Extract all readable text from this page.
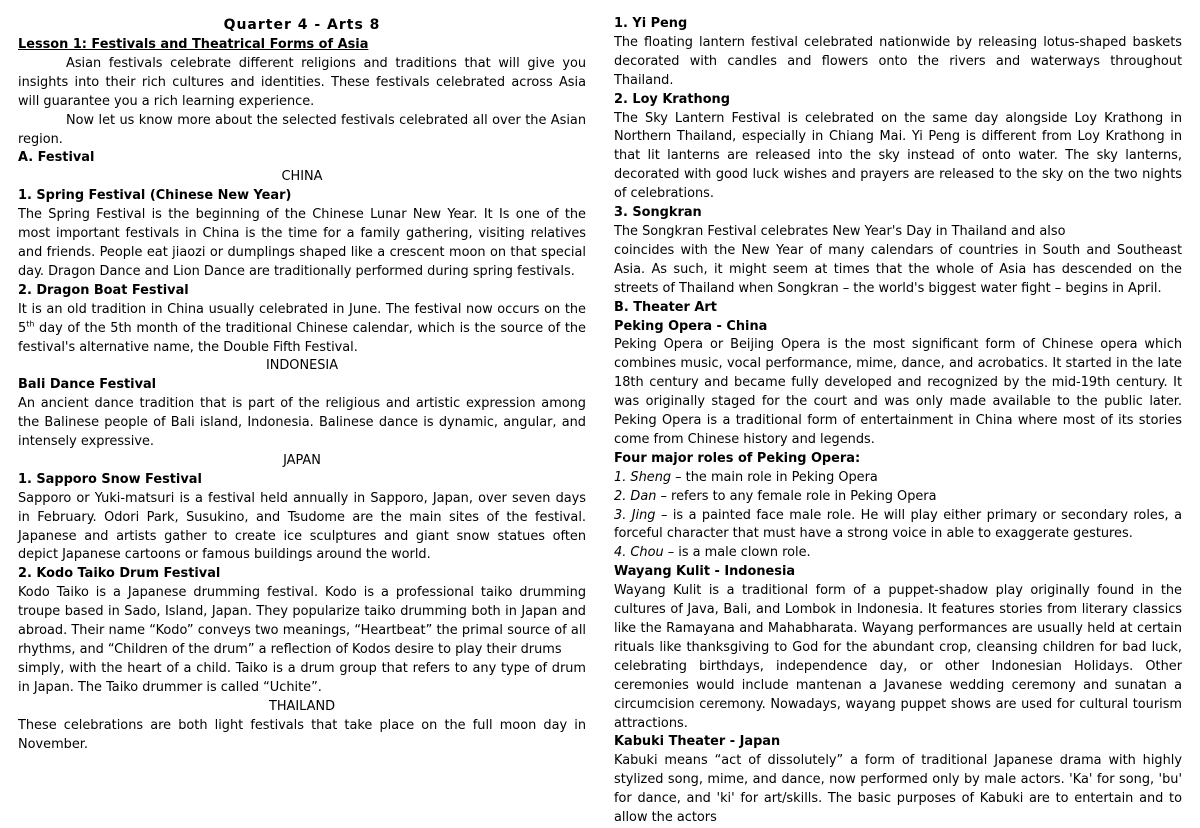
Quarter 4 - Arts 8

Lesson 1: Festivals and Theatrical Forms of Asia

Asian festivals celebrate different religions and traditions that will give you insights into their rich cultures and identities. These festivals celebrated across Asia will guarantee you a rich learning experience.

Now let us know more about the selected festivals celebrated all over the Asian region.

A. Festival

CHINA

1. Spring Festival (Chinese New Year)

The Spring Festival is the beginning of the Chinese Lunar New Year. It Is one of the most important festivals in China is the time for a family gathering, visiting relatives and friends. People eat jiaozi or dumplings shaped like a crescent moon on that special day. Dragon Dance and Lion Dance are traditionally performed during spring festivals.

2. Dragon Boat Festival

It is an old tradition in China usually celebrated in June. The festival now occurs on the 5th day of the 5th month of the traditional Chinese calendar, which is the source of the festival's alternative name, the Double Fifth Festival.

INDONESIA

Bali Dance Festival

An ancient dance tradition that is part of the religious and artistic expression among the Balinese people of Bali island, Indonesia. Balinese dance is dynamic, angular, and intensely expressive.

JAPAN

1. Sapporo Snow Festival

Sapporo or Yuki-matsuri is a festival held annually in Sapporo, Japan, over seven days in February. Odori Park, Susukino, and Tsudome are the main sites of the festival. Japanese and artists gather to create ice sculptures and giant snow statues often depict Japanese cartoons or famous buildings around the world.

2. Kodo Taiko Drum Festival

Kodo Taiko is a Japanese drumming festival. Kodo is a professional taiko drumming troupe based in Sado, Island, Japan. They popularize taiko drumming both in Japan and abroad. Their name “Kodo” conveys two meanings, “Heartbeat” the primal source of all rhythms, and “Children of the drum” a reflection of Kodos desire to play their drums

simply, with the heart of a child. Taiko is a drum group that refers to any type of drum in Japan. The Taiko drummer is called “Uchite”.

THAILAND

These celebrations are both light festivals that take place on the full moon day in November.

1. Yi Peng

The floating lantern festival celebrated nationwide by releasing lotus-shaped baskets decorated with candles and flowers onto the rivers and waterways throughout Thailand.

2. Loy Krathong

The Sky Lantern Festival is celebrated on the same day alongside Loy Krathong in Northern Thailand, especially in Chiang Mai. Yi Peng is different from Loy Krathong in that lit lanterns are released into the sky instead of onto water. The sky lanterns, decorated with good luck wishes and prayers are released to the sky on the two nights of celebrations.

3. Songkran

The Songkran Festival celebrates New Year's Day in Thailand and also

coincides with the New Year of many calendars of countries in South and Southeast Asia. As such, it might seem at times that the whole of Asia has descended on the streets of Thailand when Songkran – the world's biggest water fight – begins in April.

B. Theater Art

Peking Opera - China

Peking Opera or Beijing Opera is the most significant form of Chinese opera which combines music, vocal performance, mime, dance, and acrobatics. It started in the late 18th century and became fully developed and recognized by the mid-19th century. It was originally staged for the court and was only made available to the public later. Peking Opera is a traditional form of entertainment in China where most of its stories come from Chinese history and legends.

Four major roles of Peking Opera:

1. Sheng – the main role in Peking Opera

2. Dan – refers to any female role in Peking Opera

3. Jing – is a painted face male role. He will play either primary or secondary roles, a forceful character that must have a strong voice in able to exaggerate gestures.

4. Chou – is a male clown role.

Wayang Kulit - Indonesia

Wayang Kulit is a traditional form of a puppet-shadow play originally found in the cultures of Java, Bali, and Lombok in Indonesia. It features stories from literary classics like the Ramayana and Mahabharata. Wayang performances are usually held at certain rituals like thanksgiving to God for the abundant crop, cleansing children for bad luck, celebrating birthdays, independence day, or other Indonesian Holidays. Other ceremonies would include mantenan a Javanese wedding ceremony and sunatan a circumcision ceremony. Nowadays, wayang puppet shows are used for cultural tourism attractions.

Kabuki Theater - Japan

Kabuki means “act of dissolutely” a form of traditional Japanese drama with highly stylized song, mime, and dance, now performed only by male actors. 'Ka' for song, 'bu' for dance, and 'ki' for art/skills. The basic purposes of Kabuki are to entertain and to allow the actors
